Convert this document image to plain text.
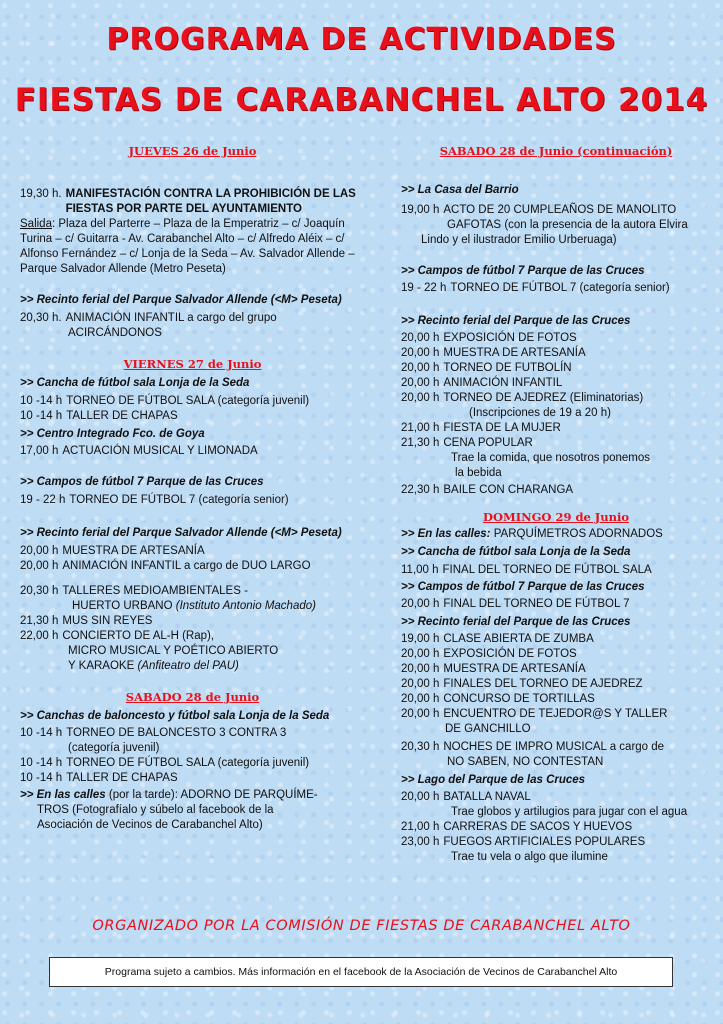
PROGRAMA DE ACTIVIDADES
FIESTAS DE CARABANCHEL ALTO 2014
JUEVES 26 de Junio
19,30 h. MANIFESTACIÓN CONTRA LA PROHIBICIÓN DE LAS FIESTAS POR PARTE DEL AYUNTAMIENTO
Salida: Plaza del Parterre – Plaza de la Emperatriz – c/ Joaquín Turina – c/ Guitarra - Av. Carabanchel Alto – c/ Alfredo Aléix – c/ Alfonso Fernández – c/ Lonja de la Seda – Av. Salvador Allende – Parque Salvador Allende (Metro Peseta)
>> Recinto ferial del Parque Salvador Allende (<M> Peseta)
20,30 h. ANIMACIÓN INFANTIL a cargo del grupo
ACIRCÁNDONOS
VIERNES 27 de Junio
>> Cancha de fútbol sala Lonja de la Seda
10 -14 h TORNEO DE FÚTBOL SALA (categoría juvenil)
10 -14 h TALLER DE CHAPAS
>> Centro Integrado Fco. de Goya
17,00 h ACTUACIÓN MUSICAL Y LIMONADA
>> Campos de fútbol 7 Parque de las Cruces
19 - 22 h TORNEO DE FÚTBOL 7 (categoría senior)
>> Recinto ferial del Parque Salvador Allende (<M> Peseta)
20,00 h MUESTRA DE ARTESANÍA
20,00 h ANIMACIÓN INFANTIL a cargo de DUO LARGO
20,30 h TALLERES MEDIOAMBIENTALES -
HUERTO URBANO (Instituto Antonio Machado)
21,30 h MUS SIN REYES
22,00 h CONCIERTO DE AL-H (Rap),
MICRO MUSICAL Y POÉTICO ABIERTO
Y KARAOKE (Anfiteatro del PAU)
SABADO 28 de Junio
>> Canchas de baloncesto y fútbol sala Lonja de la Seda
10 -14 h TORNEO DE BALONCESTO 3 CONTRA 3
(categoría juvenil)
10 -14 h TORNEO DE FÚTBOL SALA (categoría juvenil)
10 -14 h TALLER DE CHAPAS
>> En las calles (por la tarde): ADORNO DE PARQUÍME-
TROS (Fotografíalo y súbelo al facebook de la
Asociación de Vecinos de Carabanchel Alto)
SABADO 28 de Junio (continuación)
>> La Casa del Barrio
19,00 h ACTO DE 20 CUMPLEAÑOS DE MANOLITO
GAFOTAS (con la presencia de la autora Elvira
Lindo y el ilustrador Emilio Urberuaga)
>> Campos de fútbol 7 Parque de las Cruces
19 - 22 h TORNEO DE FÚTBOL 7 (categoría senior)
>> Recinto ferial del Parque de las Cruces
20,00 h EXPOSICIÓN DE FOTOS
20,00 h MUESTRA DE ARTESANÍA
20,00 h TORNEO DE FUTBOLÍN
20,00 h ANIMACIÓN INFANTIL
20,00 h TORNEO DE AJEDREZ (Eliminatorias)
(Inscripciones de 19 a 20 h)
21,00 h FIESTA DE LA MUJER
21,30 h CENA POPULAR
Trae la comida, que nosotros ponemos
la bebida
22,30 h BAILE CON CHARANGA
DOMINGO 29 de Junio
>> En las calles: PARQUÍMETROS ADORNADOS
>> Cancha de fútbol sala Lonja de la Seda
11,00 h FINAL DEL TORNEO DE FÚTBOL SALA
>> Campos de fútbol 7 Parque de las Cruces
20,00 h FINAL DEL TORNEO DE FÚTBOL 7
>> Recinto ferial del Parque de las Cruces
19,00 h CLASE ABIERTA DE ZUMBA
20,00 h EXPOSICIÓN DE FOTOS
20,00 h MUESTRA DE ARTESANÍA
20,00 h FINALES DEL TORNEO DE AJEDREZ
20,00 h CONCURSO DE TORTILLAS
20,00 h ENCUENTRO DE TEJEDOR@S Y TALLER
DE GANCHILLO
20,30 h NOCHES DE IMPRO MUSICAL a cargo de
NO SABEN, NO CONTESTAN
>> Lago del Parque de las Cruces
20,00 h BATALLA NAVAL
Trae globos y artilugios para jugar con el agua
21,00 h CARRERAS DE SACOS Y HUEVOS
23,00 h FUEGOS ARTIFICIALES POPULARES
Trae tu vela o algo que ilumine
ORGANIZADO POR LA COMISIÓN DE FIESTAS DE CARABANCHEL ALTO
Programa sujeto a cambios. Más información en el facebook de la Asociación de Vecinos de Carabanchel Alto
